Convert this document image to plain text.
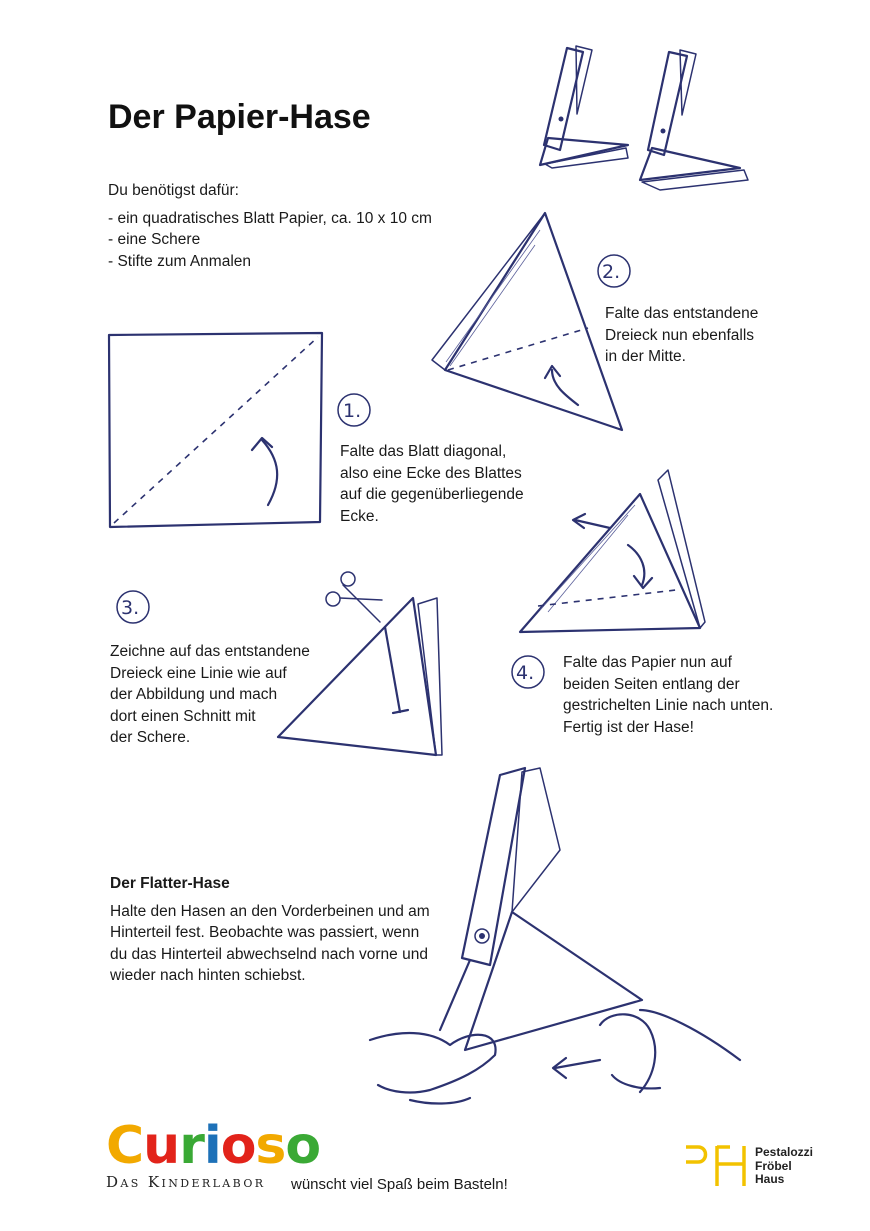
Der Papier-Hase
Du benötigst dafür:
- ein quadratisches Blatt Papier, ca. 10 x 10 cm
- eine Schere
- Stifte zum Anmalen
Falte das Blatt diagonal,
also eine Ecke des Blattes
auf die gegenüberliegende
Ecke.
Falte das entstandene
Dreieck nun ebenfalls
in der Mitte.
Zeichne auf das entstandene
Dreieck eine Linie wie auf
der Abbildung und mach
dort einen Schnitt mit
der Schere.
Falte das Papier nun auf
beiden Seiten entlang der
gestrichelten Linie nach unten.
Fertig ist der Hase!
Der Flatter-Hase
Halte den Hasen an den Vorderbeinen und am Hinterteil fest. Beobachte was passiert, wenn du das Hinterteil abwechselnd nach vorne und wieder nach hinten schiebst.
1.
2.
3.
4.
Curioso
Das Kinderlabor wünscht viel Spaß beim Basteln!
Pestalozzi
Fröbel
Haus
